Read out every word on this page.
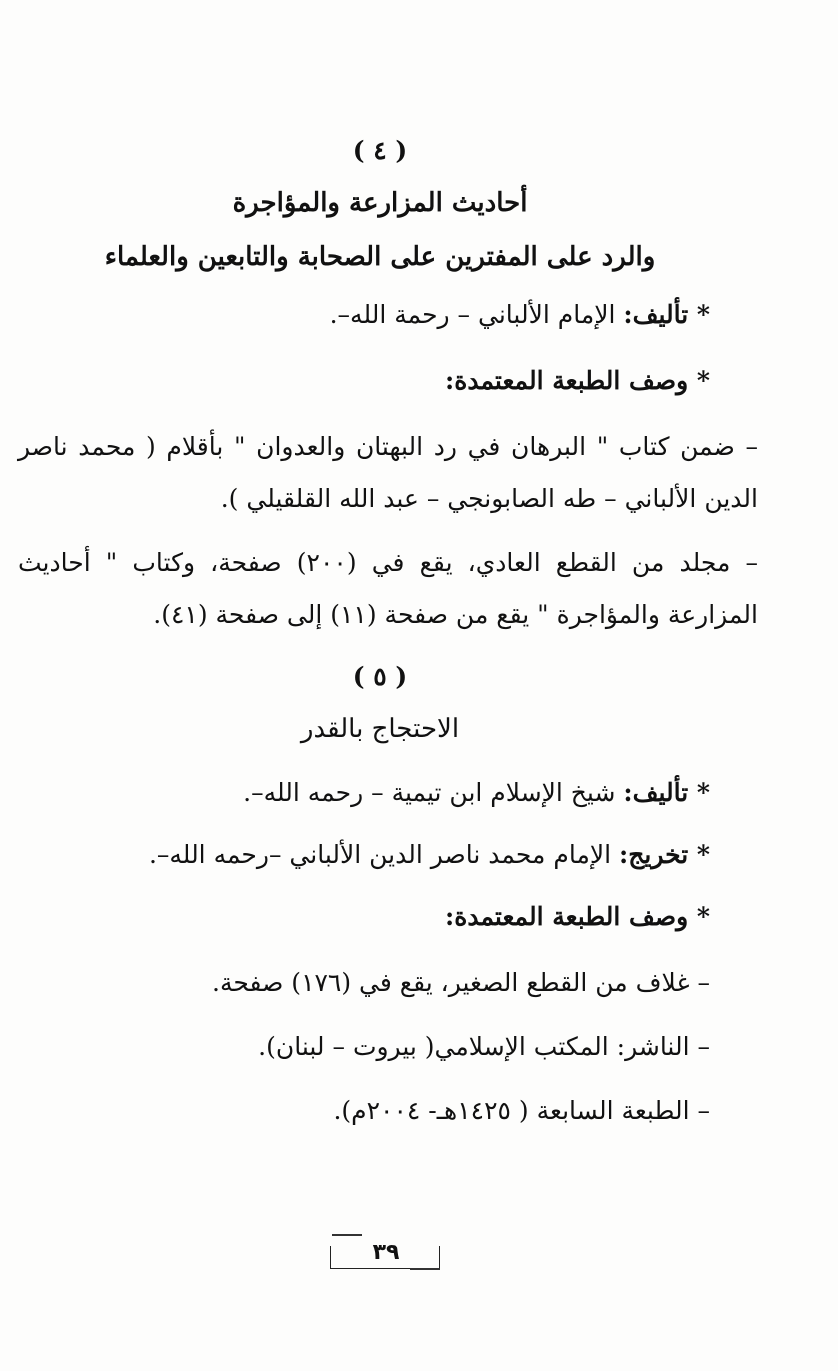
( ٤ )
أحاديث المزارعة والمؤاجرة
والرد على المفترين على الصحابة والتابعين والعلماء
* تأليف: الإمام الألباني – رحمة الله–.
* وصف الطبعة المعتمدة:
– ضمن كتاب " البرهان في رد البهتان والعدوان " بأقلام ( محمد ناصر
الدين الألباني – طه الصابونجي – عبد الله القلقيلي ).
– مجلد من القطع العادي، يقع في (٢٠٠) صفحة، وكتاب " أحاديث
المزارعة والمؤاجرة " يقع من صفحة (١١) إلى صفحة (٤١).
( ٥ )
الاحتجاج بالقدر
* تأليف: شيخ الإسلام ابن تيمية – رحمه الله–.
* تخريج: الإمام محمد ناصر الدين الألباني –رحمه الله–.
* وصف الطبعة المعتمدة:
– غلاف من القطع الصغير، يقع في (١٧٦) صفحة.
– الناشر: المكتب الإسلامي( بيروت – لبنان).
– الطبعة السابعة ( ١٤٢٥هـ- ٢٠٠٤م).
٣٩
